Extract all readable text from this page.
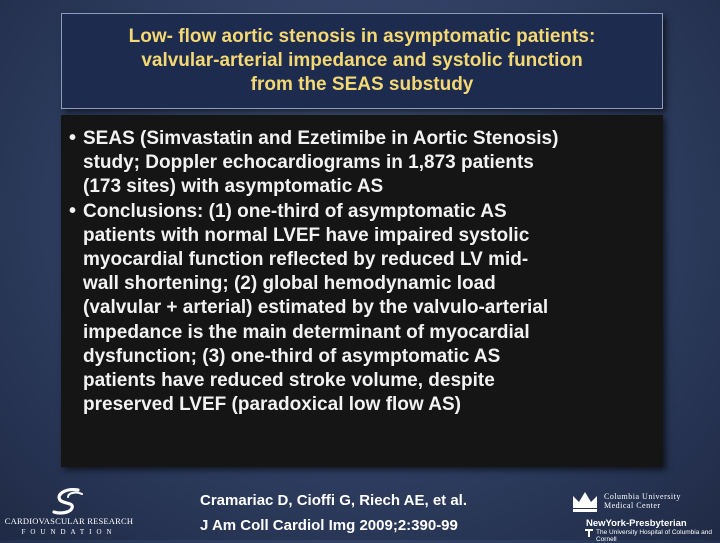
Low- flow aortic stenosis in asymptomatic patients:
valvular-arterial impedance and systolic function
from the SEAS substudy
• SEAS (Simvastatin and Ezetimibe in Aortic Stenosis)

study; Doppler echocardiograms in 1,873 patients

(173 sites) with asymptomatic AS

• Conclusions: (1) one-third of asymptomatic AS

patients with normal LVEF have impaired systolic

myocardial function reflected by reduced LV mid-

wall shortening; (2) global hemodynamic load

(valvular + arterial) estimated by the valvulo-arterial

impedance is the main determinant of myocardial

dysfunction; (3) one-third of asymptomatic AS

patients have reduced stroke volume, despite

preserved LVEF (paradoxical low flow AS)

Cramariac D, Cioffi G, Riech AE, et al.
J Am Coll Cardiol Img 2009;2:390-99
CARDIOVASCULAR RESEARCH
FOUNDATION
Columbia University
Medical Center
NewYork-Presbyterian
The University Hospital of Columbia and Cornell
